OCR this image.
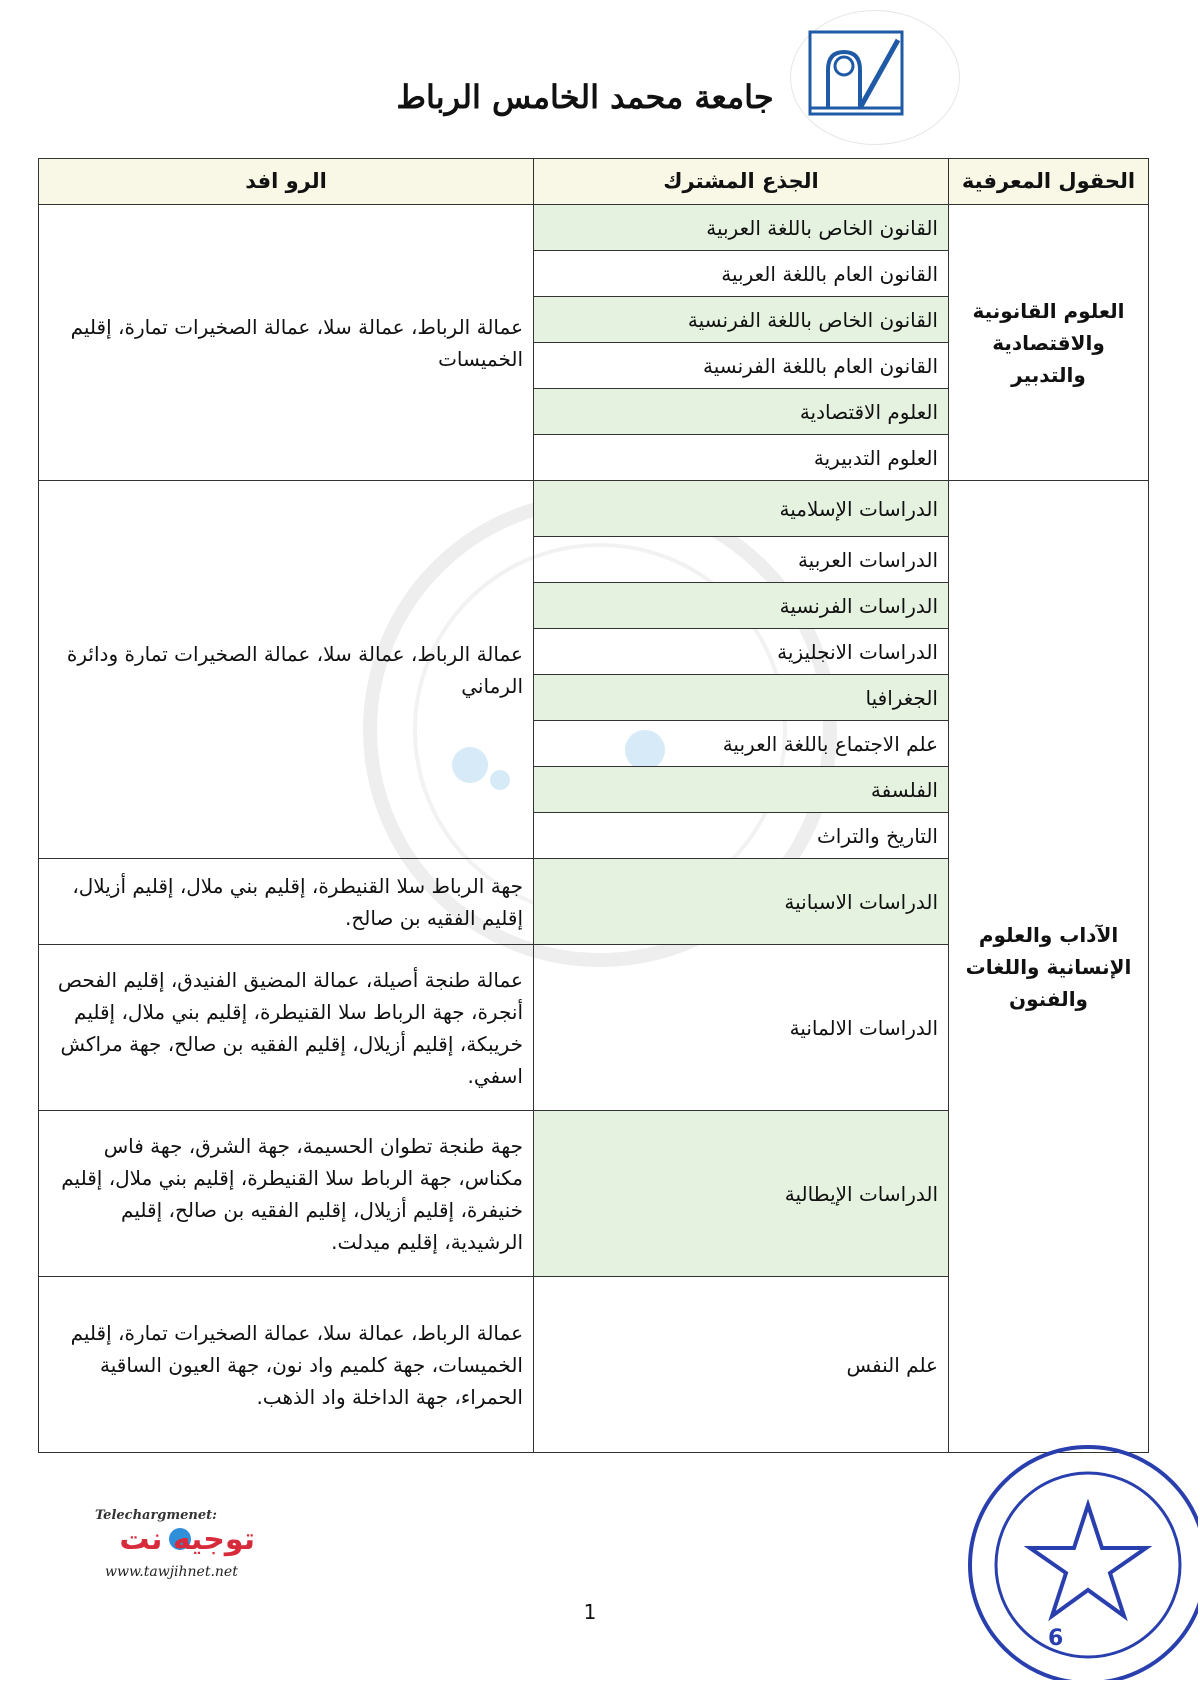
جامعة محمد الخامس الرباط
الحقول المعرفية	الجذع المشترك	الرو افد
العلوم القانونية والاقتصادية والتدبير	القانون الخاص باللغة العربية	عمالة الرباط، عمالة سلا، عمالة الصخيرات تمارة، إقليم الخميسات
	القانون العام باللغة العربية	
	القانون الخاص باللغة الفرنسية	
	القانون العام باللغة الفرنسية	
	العلوم الاقتصادية	
	العلوم التدبيرية	
الآداب والعلوم الإنسانية واللغات والفنون	الدراسات الإسلامية	عمالة الرباط، عمالة سلا، عمالة الصخيرات تمارة ودائرة الرماني
	الدراسات العربية	
	الدراسات الفرنسية	
	الدراسات الانجليزية	
	الجغرافيا	
	علم الاجتماع باللغة العربية	
	الفلسفة	
	التاريخ والتراث	
	الدراسات الاسبانية	جهة الرباط سلا القنيطرة، إقليم بني ملال، إقليم أزيلال، إقليم الفقيه بن صالح.
	الدراسات الالمانية	عمالة طنجة أصيلة، عمالة المضيق الفنيدق، إقليم الفحص أنجرة، جهة الرباط سلا القنيطرة، إقليم بني ملال، إقليم خريبكة، إقليم أزيلال، إقليم الفقيه بن صالح، جهة مراكش اسفي.
	الدراسات الإيطالية	جهة طنجة تطوان الحسيمة، جهة الشرق، جهة فاس مكناس، جهة الرباط سلا القنيطرة، إقليم بني ملال، إقليم خنيفرة، إقليم أزيلال، إقليم الفقيه بن صالح، إقليم الرشيدية، إقليم ميدلت.
	علم النفس	عمالة الرباط، عمالة سلا، عمالة الصخيرات تمارة، إقليم الخميسات، جهة كلميم واد نون، جهة العيون الساقية الحمراء، جهة الداخلة واد الذهب.
Telechargmenet:
توجيه نت
www.tawjihnet.net
1
6
